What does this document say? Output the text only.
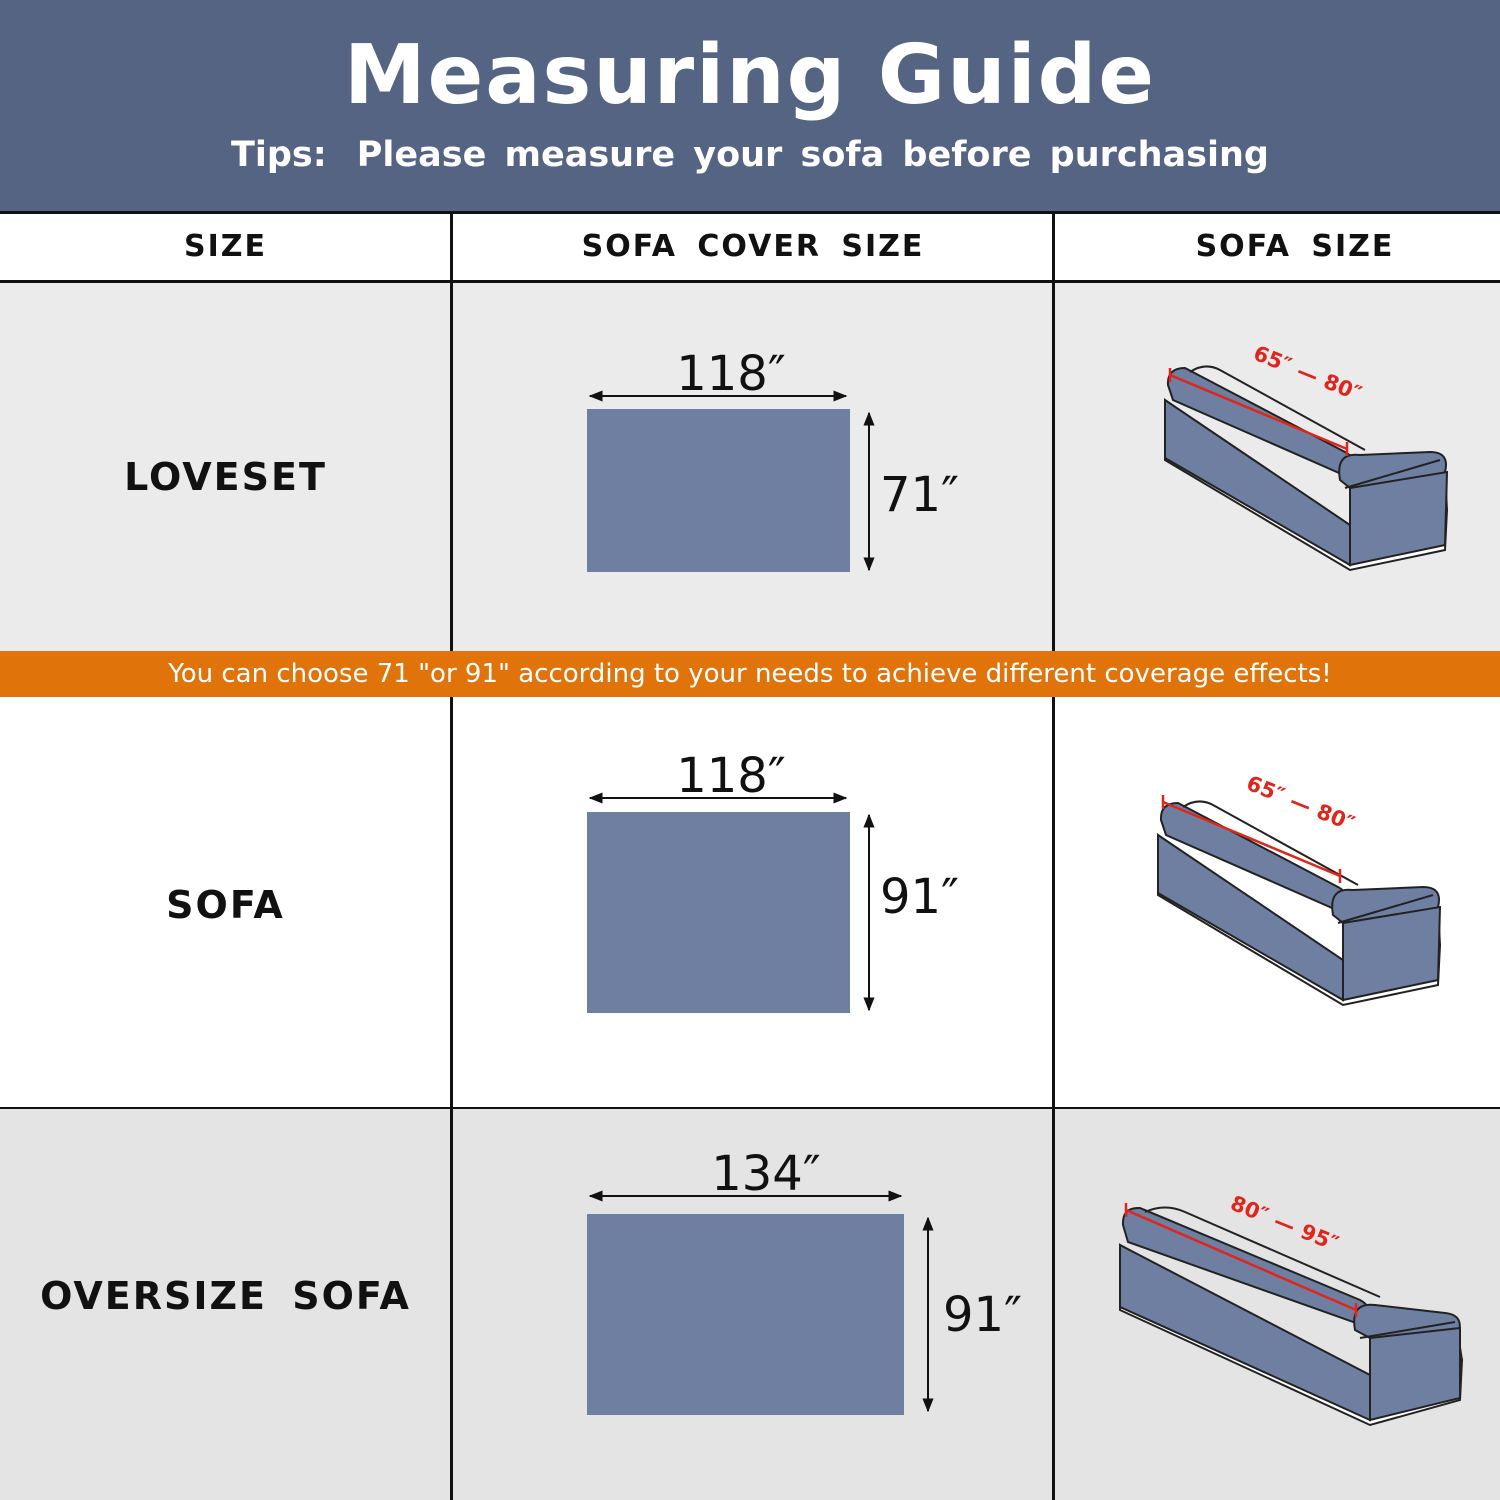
Measuring Guide
Tips: Please measure your sofa before purchasing
SIZE	SOFA COVER SIZE	SOFA SIZE
You can choose 71 "or 91" according to your needs to achieve different coverage effects!
LOVESET
SOFA
OVERSIZE SOFA
118″
71″
118″
91″
134″
91″
65″—80″
65″—80″
80″—95″
